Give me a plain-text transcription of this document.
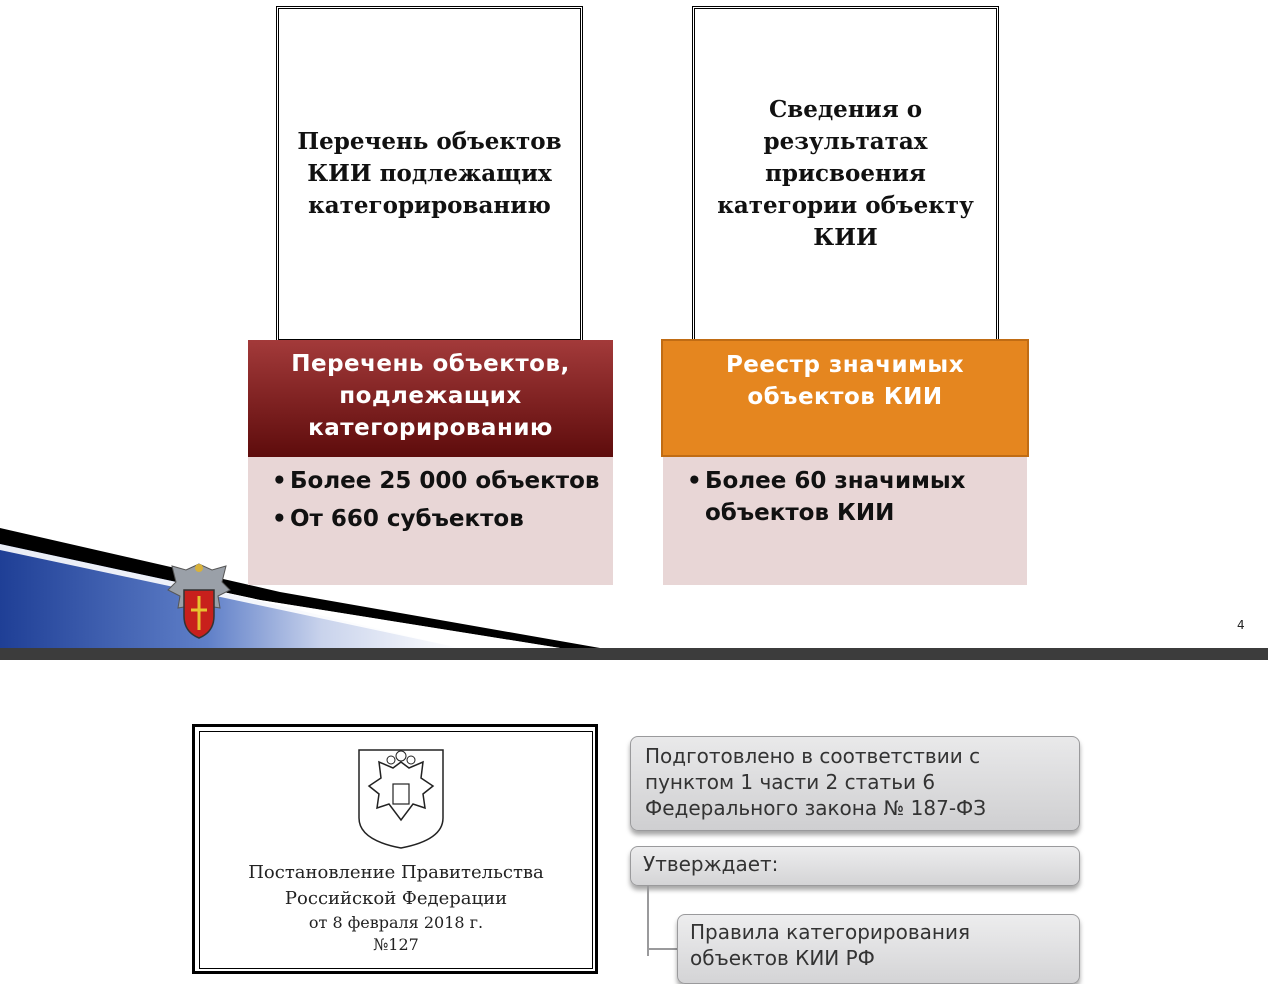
Перечень объектов КИИ подлежащих категорированию
Сведения о результатах присвоения категории объекту КИИ
Перечень объектов, подлежащих категорированию
• Более 25 000 объектов
• От 660 субъектов
Реестр значимых объектов КИИ
• Более 60 значимых объектов КИИ
4
Постановление Правительства
Российской Федерации
от 8 февраля 2018 г.
№127
Подготовлено в соответствии с пунктом 1 части 2 статьи 6 Федерального закона № 187-ФЗ
Утверждает:
Правила категорирования объектов КИИ РФ
